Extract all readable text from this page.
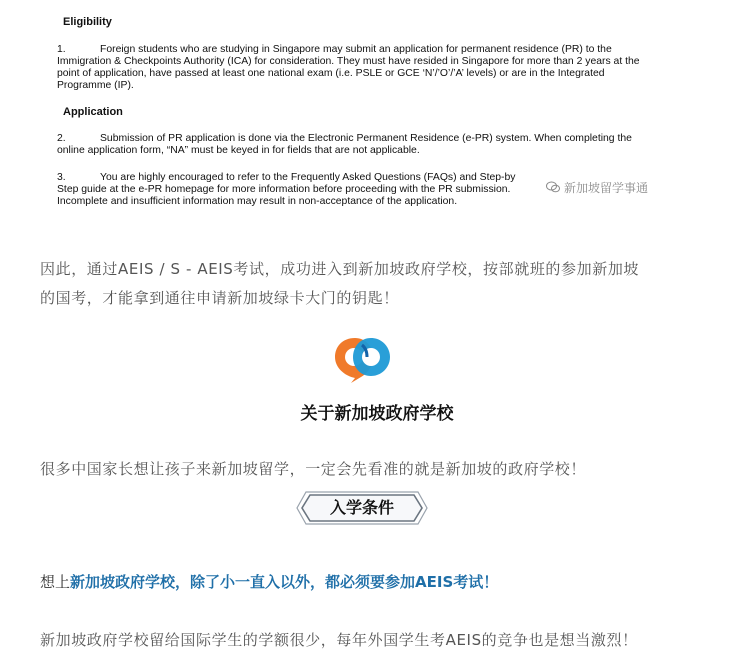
Eligibility
1.	Foreign students who are studying in Singapore may submit an application for permanent residence (PR) to the Immigration & Checkpoints Authority (ICA) for consideration. They must have resided in Singapore for more than 2 years at the point of application, have passed at least one national exam (i.e. PSLE or GCE ‘N’/’O’/’A’ levels) or are in the Integrated Programme (IP).
Application
2.	Submission of PR application is done via the Electronic Permanent Residence (e-PR) system. When completing the online application form, “NA” must be keyed in for fields that are not applicable.
3.	You are highly encouraged to refer to the Frequently Asked Questions (FAQs) and Step-by Step guide at the e-PR homepage for more information before proceeding with the PR submission. Incomplete and insufficient information may result in non-acceptance of the application.
新加坡留学事通
因此，通过AEIS / S - AEIS考试，成功进入到新加坡政府学校，按部就班的参加新加坡
的国考，才能拿到通往申请新加坡绿卡大门的钥匙！
关于新加坡政府学校
很多中国家长想让孩子来新加坡留学，一定会先看准的就是新加坡的政府学校！
入学条件
想上新加坡政府学校，除了小一直入以外，都必须要参加AEIS考试！
新加坡政府学校留给国际学生的学额很少，每年外国学生考AEIS的竞争也是想当激烈！
